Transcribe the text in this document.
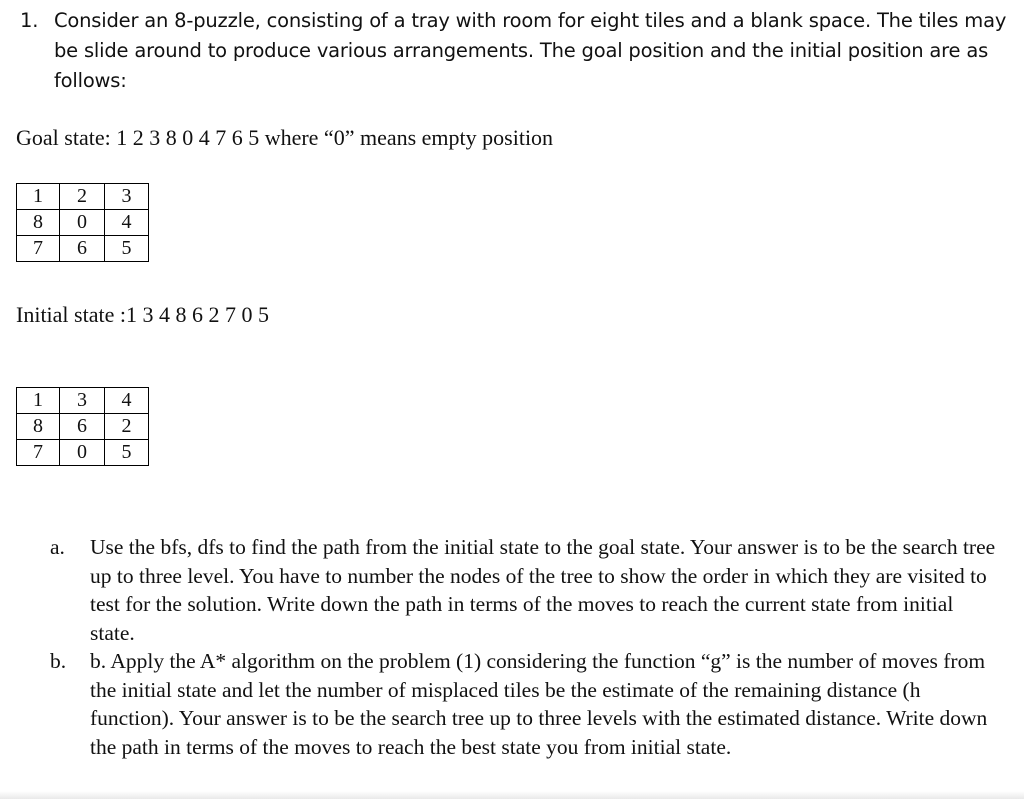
1. Consider an 8-puzzle, consisting of a tray with room for eight tiles and a blank space. The tiles may be slide around to produce various arrangements. The goal position and the initial position are as follows:
Goal state: 1 2 3 8 0 4 7 6 5 where “0” means empty position
1	2	3
8	0	4
7	6	5
Initial state :1 3 4 8 6 2 7 0 5
1	3	4
8	6	2
7	0	5
a. Use the bfs, dfs to find the path from the initial state to the goal state. Your answer is to be the search tree up to three level. You have to number the nodes of the tree to show the order in which they are visited to test for the solution. Write down the path in terms of the moves to reach the current state from initial state.
b. b. Apply the A* algorithm on the problem (1) considering the function “g” is the number of moves from the initial state and let the number of misplaced tiles be the estimate of the remaining distance (h function). Your answer is to be the search tree up to three levels with the estimated distance. Write down the path in terms of the moves to reach the best state you from initial state.
